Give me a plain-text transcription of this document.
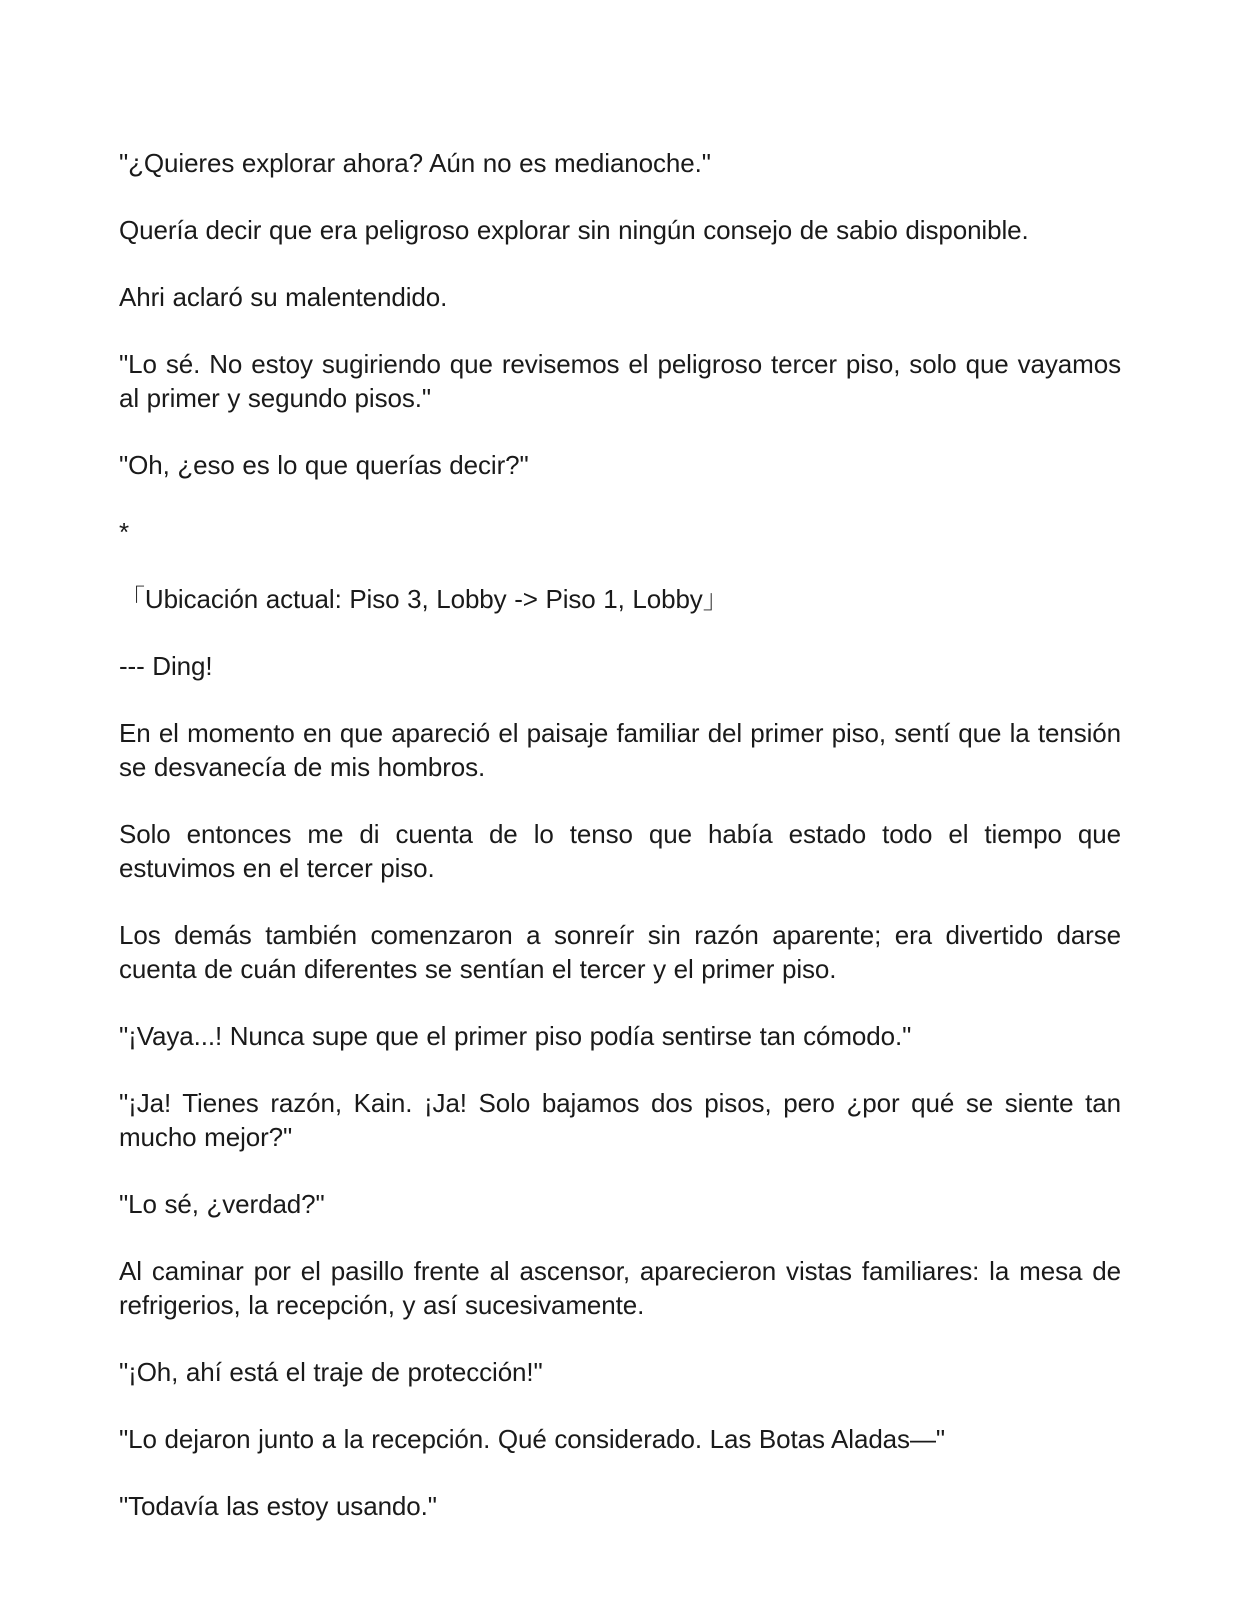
"¿Quieres explorar ahora? Aún no es medianoche."

Quería decir que era peligroso explorar sin ningún consejo de sabio disponible.

Ahri aclaró su malentendido.

"Lo sé. No estoy sugiriendo que revisemos el peligroso tercer piso, solo que vayamos al primer y segundo pisos."

"Oh, ¿eso es lo que querías decir?"

*

「Ubicación actual: Piso 3, Lobby -> Piso 1, Lobby」

--- Ding!

En el momento en que apareció el paisaje familiar del primer piso, sentí que la tensión se desvanecía de mis hombros.

Solo entonces me di cuenta de lo tenso que había estado todo el tiempo que estuvimos en el tercer piso.

Los demás también comenzaron a sonreír sin razón aparente; era divertido darse cuenta de cuán diferentes se sentían el tercer y el primer piso.

"¡Vaya...! Nunca supe que el primer piso podía sentirse tan cómodo."

"¡Ja! Tienes razón, Kain. ¡Ja! Solo bajamos dos pisos, pero ¿por qué se siente tan mucho mejor?"

"Lo sé, ¿verdad?"

Al caminar por el pasillo frente al ascensor, aparecieron vistas familiares: la mesa de refrigerios, la recepción, y así sucesivamente.

"¡Oh, ahí está el traje de protección!"

"Lo dejaron junto a la recepción. Qué considerado. Las Botas Aladas—"

"Todavía las estoy usando."
